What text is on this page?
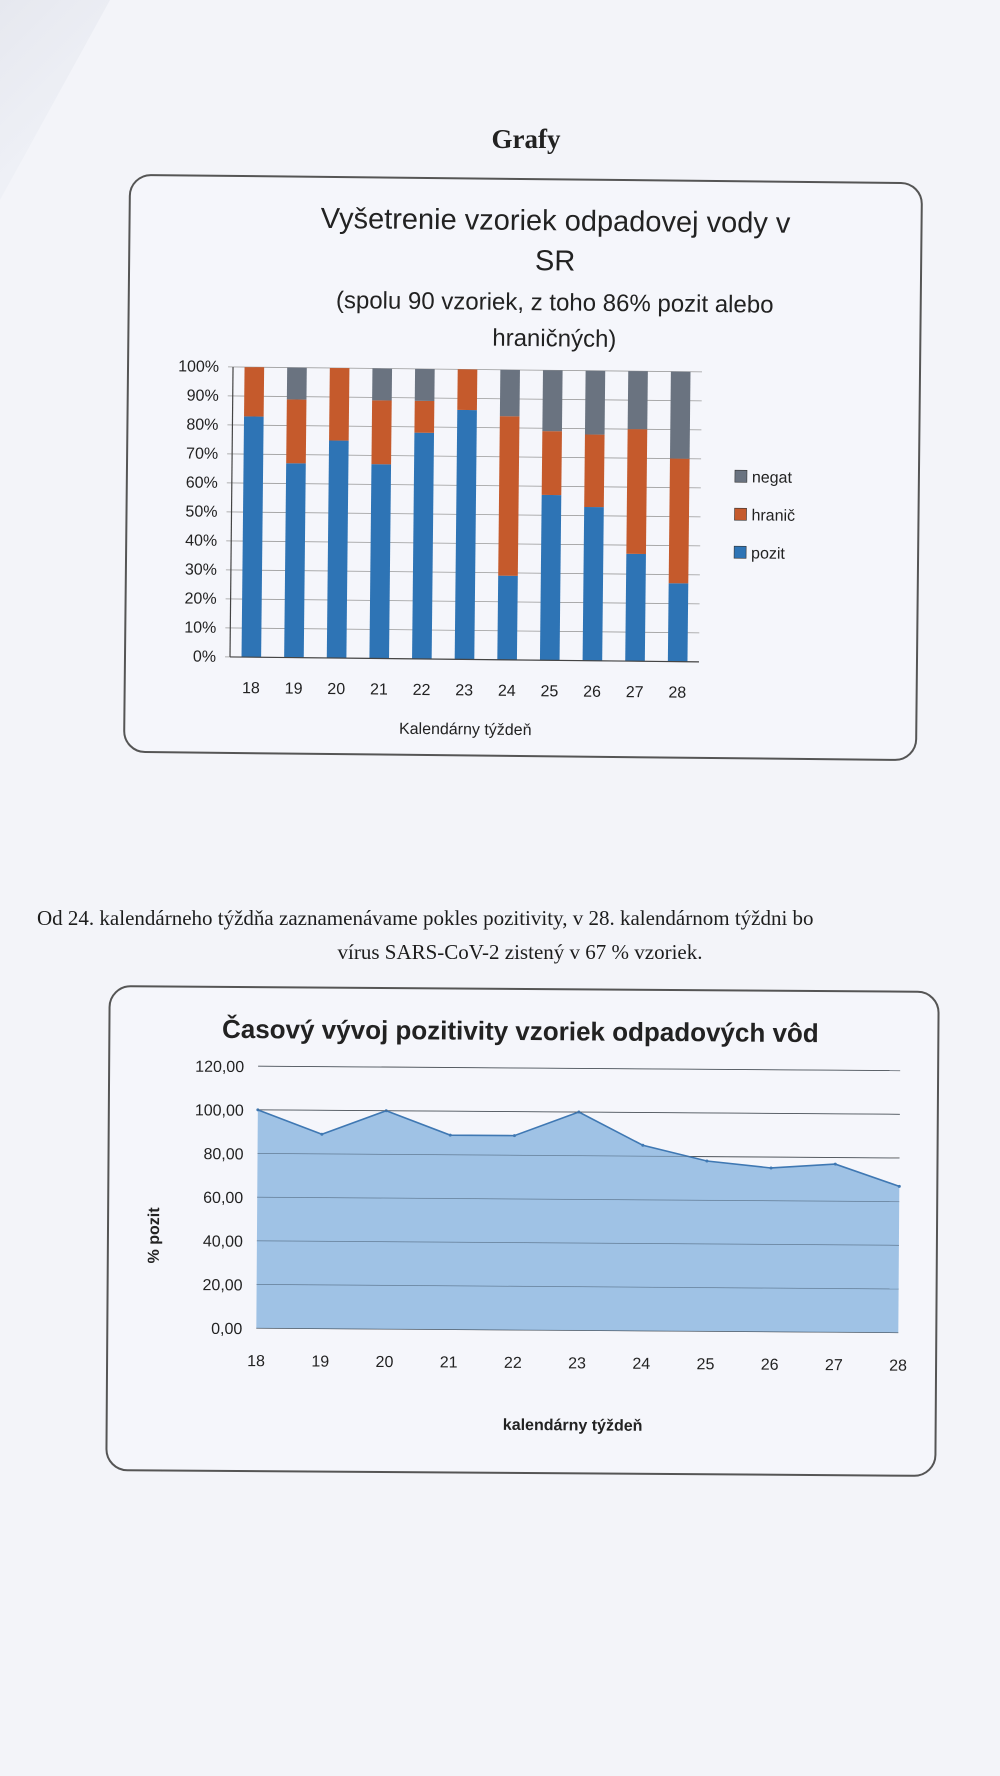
Grafy
Vyšetrenie vzoriek odpadovej vody v
SR
(spolu 90 vzoriek, z toho 86% pozit alebo
hraničných)
0%
10%
20%
30%
40%
50%
60%
70%
80%
90%
100%
18 19 20 21 22 23 24 25 26 27 28
Kalendárny týždeň
negat
hranič
pozit
Od 24. kalendárneho týždňa zaznamenávame pokles pozitivity, v 28. kalendárnom týždni bo
vírus SARS-CoV-2 zistený v 67 % vzoriek.
Časový vývoj pozitivity vzoriek odpadových vôd
0,00
20,00
40,00
60,00
80,00
100,00
120,00
18	19	20	21	22	23	24	25	26	27	28
% pozit
kalendárny týždeň
